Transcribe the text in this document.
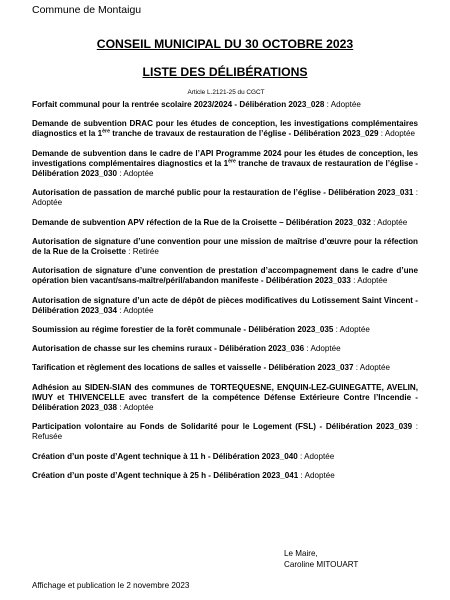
Commune de Montaigu
CONSEIL MUNICIPAL DU 30 OCTOBRE 2023
LISTE DES DÉLIBÉRATIONS
Article L.2121-25 du CGCT

Forfait communal pour la rentrée scolaire 2023/2024 - Délibération 2023_028 : Adoptée

Demande de subvention DRAC pour les études de conception, les investigations complémentaires diagnostics et la 1ère tranche de travaux de restauration de l’église - Délibération 2023_029 : Adoptée

Demande de subvention dans le cadre de l’API Programme 2024 pour les études de conception, les investigations complémentaires diagnostics et la 1ère tranche de travaux de restauration de l’église - Délibération 2023_030 : Adoptée

Autorisation de passation de marché public pour la restauration de l’église - Délibération 2023_031 : Adoptée

Demande de subvention APV réfection de la Rue de la Croisette – Délibération 2023_032 : Adoptée

Autorisation de signature d’une convention pour une mission de maîtrise d’œuvre pour la réfection de la Rue de la Croisette : Retirée

Autorisation de signature d’une convention de prestation d’accompagnement dans le cadre d’une opération bien vacant/sans-maître/péril/abandon manifeste - Délibération 2023_033 : Adoptée

Autorisation de signature d’un acte de dépôt de pièces modificatives du Lotissement Saint Vincent - Délibération 2023_034 : Adoptée

Soumission au régime forestier de la forêt communale - Délibération 2023_035 : Adoptée

Autorisation de chasse sur les chemins ruraux - Délibération 2023_036 : Adoptée

Tarification et règlement des locations de salles et vaisselle - Délibération 2023_037 : Adoptée

Adhésion au SIDEN-SIAN des communes de TORTEQUESNE, ENQUIN-LEZ-GUINEGATTE, AVELIN, IWUY et THIVENCELLE avec transfert de la compétence Défense Extérieure Contre l’Incendie - Délibération 2023_038 : Adoptée

Participation volontaire au Fonds de Solidarité pour le Logement (FSL) - Délibération 2023_039 : Refusée

Création d’un poste d’Agent technique à 11 h - Délibération 2023_040 : Adoptée

Création d’un poste d’Agent technique à 25 h - Délibération 2023_041 : Adoptée

Le Maire,
Caroline MITOUART
Affichage et publication le 2 novembre 2023
